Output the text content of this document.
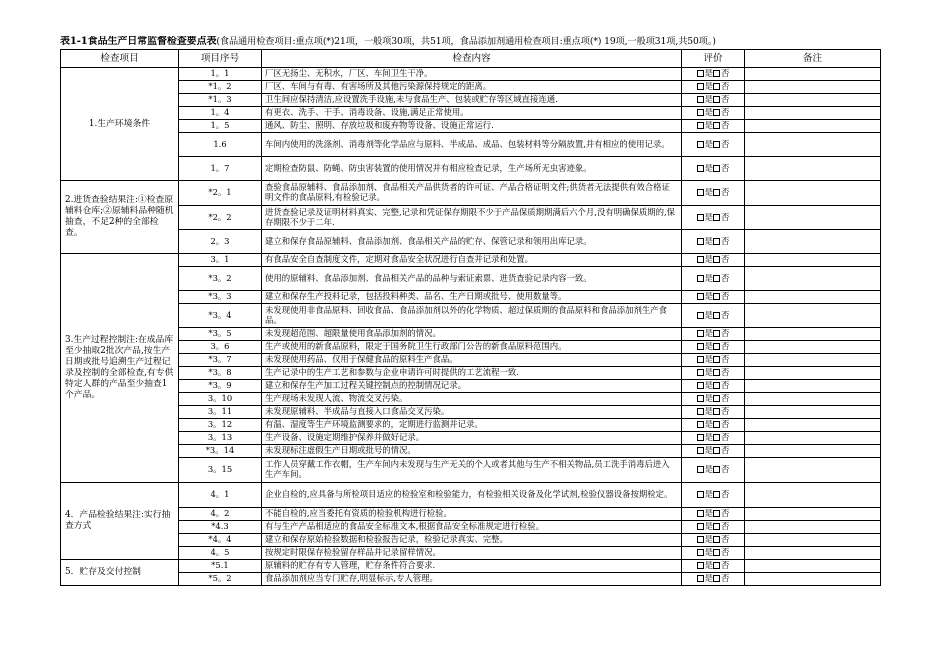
表1-1食品生产日常监督检查要点表(食品通用检查项目:重点项(*)21项，一般项30项，共51项，食品添加剂通用检查项目:重点项(*) 19项,一般项31项,共50项。)
检查项目	项目序号	检查内容	评价	备注
1.生产环境条件	1。1	厂区无扬尘、无积水，厂区、车间卫生干净。	是 否	
	*1。2	厂区、车间与有毒、有害场所及其他污染源保持规定的距离。	是 否	
	*1。3	卫生间应保持清洁,应设置洗手设施,未与食品生产、包装或贮存等区域直接连通.	是 否	
	1。4	有更衣、洗手、干手、消毒设备、设施,满足正常使用。	是 否	
	1。5	通风、防尘、照明、存放垃圾和废弃物等设备、设施正常运行.	是 否	
	1.6	车间内使用的洗涤剂、消毒剂等化学品应与原料、半成品、成品、包装材料等分隔放置,并有相应的使用记录。	是 否	
	1。7	定期检查防鼠、防蝇、防虫害装置的使用情况并有相应检查记录，生产场所无虫害迹象。	是 否	
2.进货查验结果注:①检查原辅料仓库;②原辅料品种随机抽查，不足2种的全部检查。	*2。1	查验食品原辅料、食品添加剂、食品相关产品供货者的许可证、产品合格证明文件;供货者无法提供有效合格证明文件的食品原料,有检验记录。	是 否	
	*2。2	进货查验记录及证明材料真实、完整,记录和凭证保存期限不少于产品保质期期满后六个月,没有明确保质期的,保存期限不少于二年.	是 否	
	2。3	建立和保存食品原辅料、食品添加剂、食品相关产品的贮存、保管记录和领用出库记录。	是 否	
3.生产过程控制注:在成品库至少抽取2批次产品,按生产日期或批号追溯生产过程记录及控制的全部检查,有专供特定人群的产品至少抽查1个产品。	3。1	有食品安全自查制度文件，定期对食品安全状况进行自查并记录和处置。	是 否	
	*3。2	使用的原辅料、食品添加剂、食品相关产品的品种与索证索票、进货查验记录内容一致。	是 否	
	*3。3	建立和保存生产投料记录，包括投料种类、品名、生产日期或批号、使用数量等。	是 否	
	*3。4	未发现使用非食品原料、回收食品、食品添加剂以外的化学物质、超过保质期的食品原料和食品添加剂生产食品。	是 否	
	*3。5	未发现超范围、超限量使用食品添加剂的情况。	是 否	
	3。6	生产或使用的新食品原料，限定于国务院卫生行政部门公告的新食品原料范围内。	是 否	
	*3。7	未发现使用药品、仅用于保健食品的原料生产食品。	是 否	
	*3。8	生产记录中的生产工艺和参数与企业申请许可时提供的工艺流程一致.	是 否	
	*3。9	建立和保存生产加工过程关键控制点的控制情况记录。	是 否	
	3。10	生产现场未发现人流、物流交叉污染。	是 否	
	3。11	未发现原辅料、半成品与直接入口食品交叉污染。	是 否	
	3。12	有温、湿度等生产环境监测要求的，定期进行监测并记录。	是 否	
	3。13	生产设备、设施定期维护保养并做好记录。	是 否	
	*3。14	未发现标注虚假生产日期或批号的情况。	是 否	
	3。15	工作人员穿戴工作衣帽，生产车间内未发现与生产无关的个人或者其他与生产不相关物品,员工洗手消毒后进入生产车间。	是 否	
4．产品检验结果注:实行抽查方式	4。1	企业自检的,应具备与所检项目适应的检验室和检验能力，有检验相关设备及化学试剂,检验仪器设备按期检定。	是 否	
	4。2	不能自检的,应当委托有资质的检验机构进行检验。	是 否	
	*4.3	有与生产产品相适应的食品安全标准文本,根据食品安全标准规定进行检验。	是 否	
	*4。4	建立和保存原始检验数据和检验报告记录，检验记录真实、完整。	是 否	
	4。5	按规定时限保存检验留存样品并记录留样情况。	是 否	
5．贮存及交付控制	*5.1	原辅料的贮存有专人管理，贮存条件符合要求.	是 否	
	*5。2	食品添加剂应当专门贮存,明显标示,专人管理。	是 否	
